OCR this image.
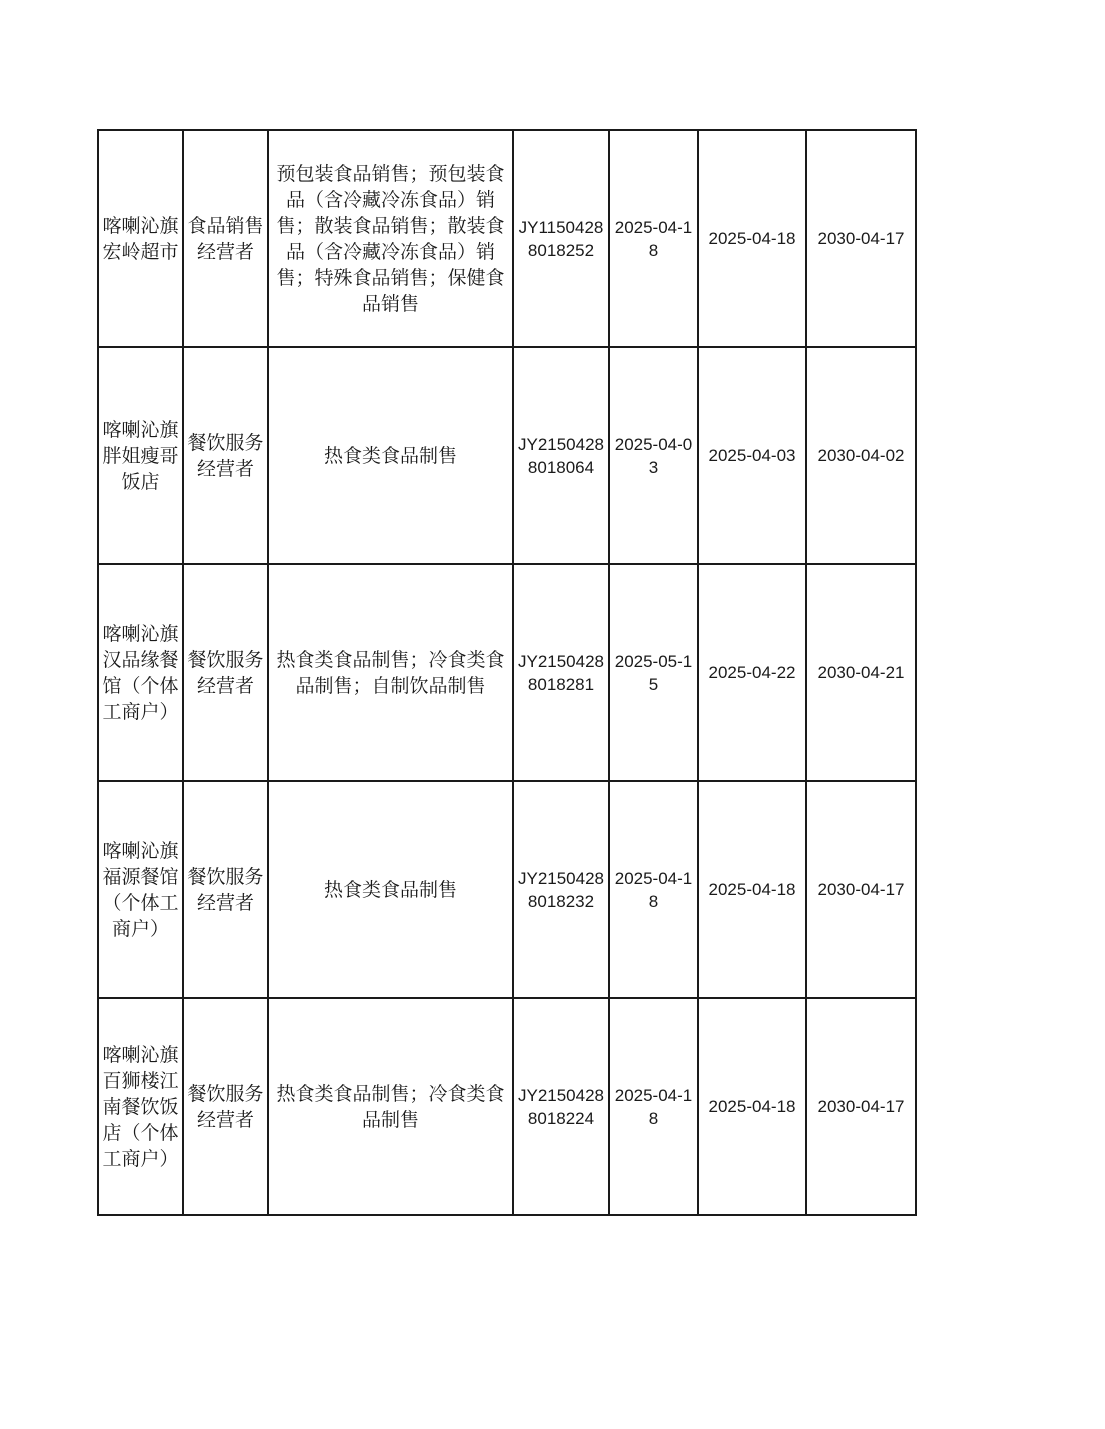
喀喇沁旗宏岭超市	食品销售经营者	预包装食品销售；预包装食品（含冷藏冷冻食品）销售；散装食品销售；散装食品（含冷藏冷冻食品）销售；特殊食品销售；保健食品销售	JY11504288018252	2025-04-18	2025-04-18	2030-04-17
喀喇沁旗胖姐瘦哥饭店	餐饮服务经营者	热食类食品制售	JY21504288018064	2025-04-03	2025-04-03	2030-04-02
喀喇沁旗汉品缘餐馆（个体工商户）	餐饮服务经营者	热食类食品制售；冷食类食品制售；自制饮品制售	JY21504288018281	2025-05-15	2025-04-22	2030-04-21
喀喇沁旗福源餐馆（个体工商户）	餐饮服务经营者	热食类食品制售	JY21504288018232	2025-04-18	2025-04-18	2030-04-17
喀喇沁旗百狮楼江南餐饮饭店（个体工商户）	餐饮服务经营者	热食类食品制售；冷食类食品制售	JY21504288018224	2025-04-18	2025-04-18	2030-04-17
